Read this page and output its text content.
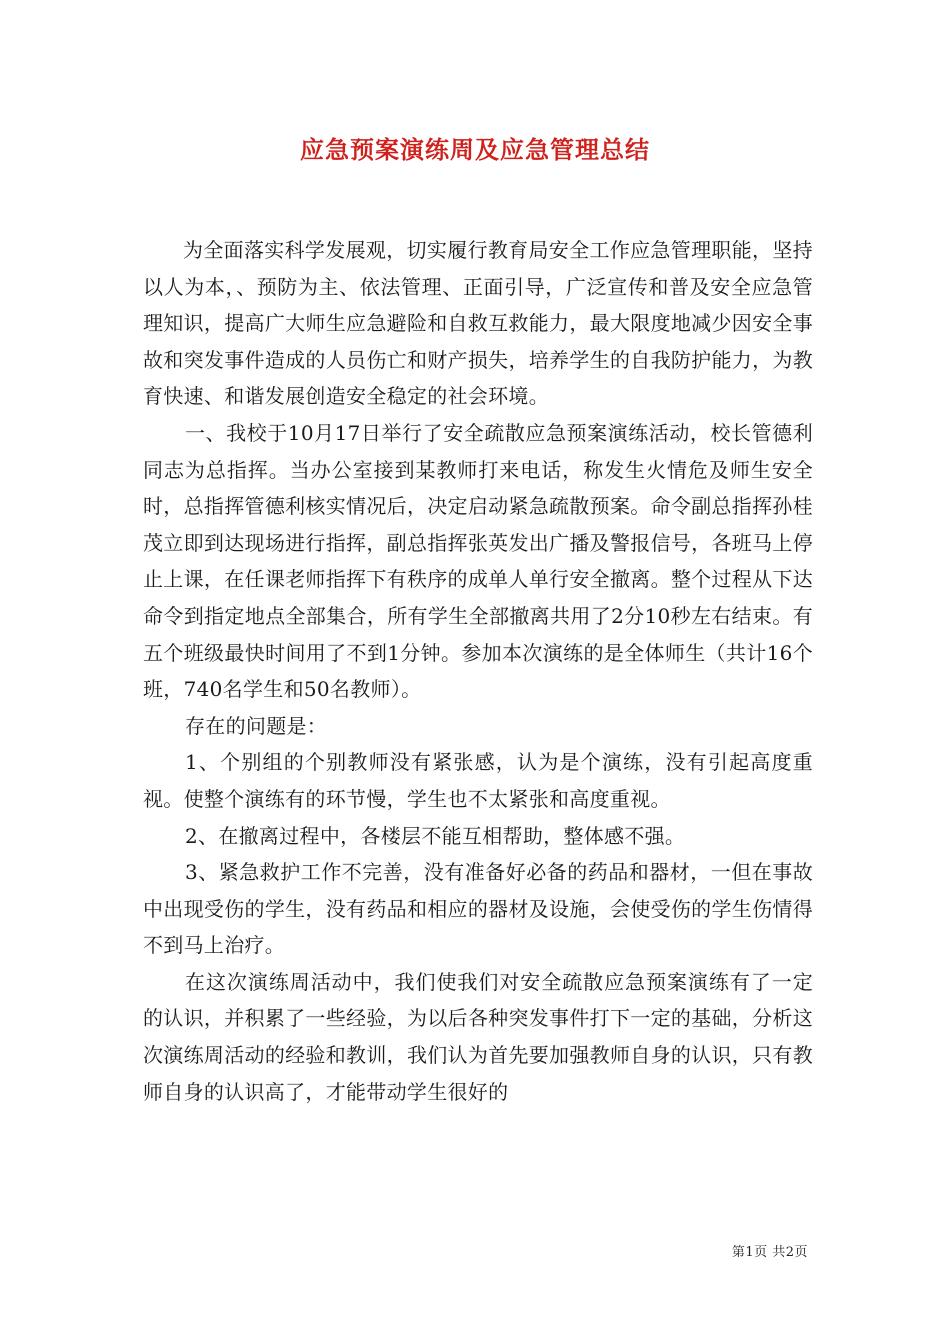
应急预案演练周及应急管理总结

为全面落实科学发展观，切实履行教育局安全工作应急管理职能，坚持以人为本，、预防为主、依法管理、正面引导，广泛宣传和普及安全应急管理知识，提高广大师生应急避险和自救互救能力，最大限度地减少因安全事故和突发事件造成的人员伤亡和财产损失，培养学生的自我防护能力，为教育快速、和谐发展创造安全稳定的社会环境。

一、我校于10月17日举行了安全疏散应急预案演练活动，校长管德利同志为总指挥。当办公室接到某教师打来电话，称发生火情危及师生安全时，总指挥管德利核实情况后，决定启动紧急疏散预案。命令副总指挥孙桂茂立即到达现场进行指挥，副总指挥张英发出广播及警报信号，各班马上停止上课，在任课老师指挥下有秩序的成单人单行安全撤离。整个过程从下达命令到指定地点全部集合，所有学生全部撤离共用了2分10秒左右结束。有五个班级最快时间用了不到1分钟。参加本次演练的是全体师生（共计16个班，740名学生和50名教师）。

存在的问题是：

1、个别组的个别教师没有紧张感，认为是个演练，没有引起高度重视。使整个演练有的环节慢，学生也不太紧张和高度重视。

2、在撤离过程中，各楼层不能互相帮助，整体感不强。

3、紧急救护工作不完善，没有准备好必备的药品和器材，一但在事故中出现受伤的学生，没有药品和相应的器材及设施，会使受伤的学生伤情得不到马上治疗。

在这次演练周活动中，我们使我们对安全疏散应急预案演练有了一定的认识，并积累了一些经验，为以后各种突发事件打下一定的基础，分析这次演练周活动的经验和教训，我们认为首先要加强教师自身的认识，只有教师自身的认识高了，才能带动学生很好的

第1页 共2页
